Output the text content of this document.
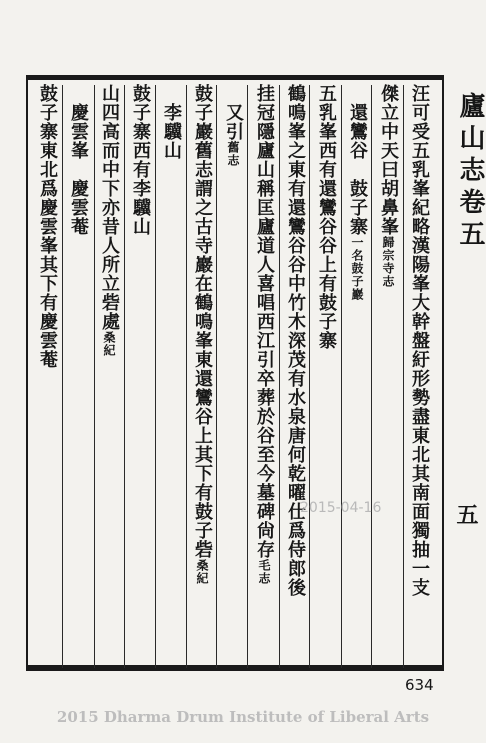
廬山志卷五
五
汪可受五乳峯紀略漢陽峯大幹盤紆形勢盡東北其南面獨抽一支
傑立中天曰胡鼻峯歸宗寺志
　還鸞谷　鼓子寨一名鼓子巖
五乳峯西有還鸞谷谷上有鼓子寨
鶴鳴峯之東有還鸞谷谷中竹木深茂有水泉唐何乾曜仕爲侍郎後
挂冠隱廬山稱匡廬道人喜唱西江引卒葬於谷至今墓碑尙存毛志
　又引舊志
鼓子巖舊志謂之古寺巖在鶴鳴峯東還鸞谷上其下有鼓子砦桑紀
　李驥山
鼓子寨西有李驥山
山四高而中下亦昔人所立砦處桑紀
　慶雲峯　慶雲菴
鼓子寨東北爲慶雲峯其下有慶雲菴
2015-04-16
634
2015 Dharma Drum Institute of Liberal Arts
